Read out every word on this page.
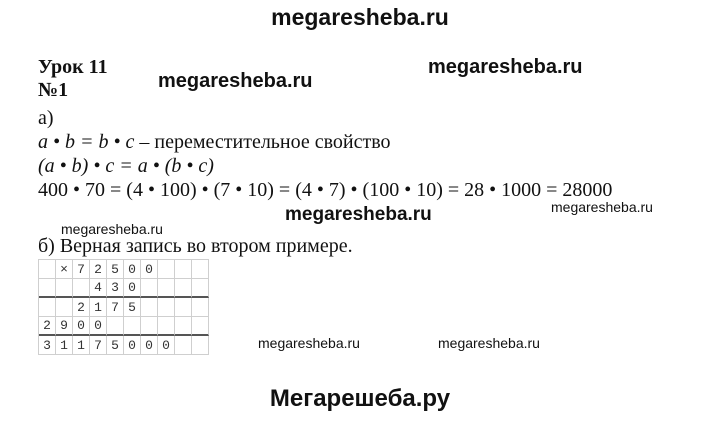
megaresheba.ru
megaresheba.ru
megaresheba.ru
megaresheba.ru
megaresheba.ru
megaresheba.ru
megaresheba.ru	megaresheba.ru
Урок 11
№1
а)
a • b = b • c – переместительное свойство
(a • b) • c = a • (b • c)
400 • 70 = (4 • 100) • (7 • 10) = (4 • 7) • (100 • 10) = 28 • 1000 = 28000
б) Верная запись во втором примере.
× 7 2 5 0 0
4 3 0
2 1 7 5
2 9 0 0
3 1 1 7 5 0 0 0
Мегарешеба.ру
